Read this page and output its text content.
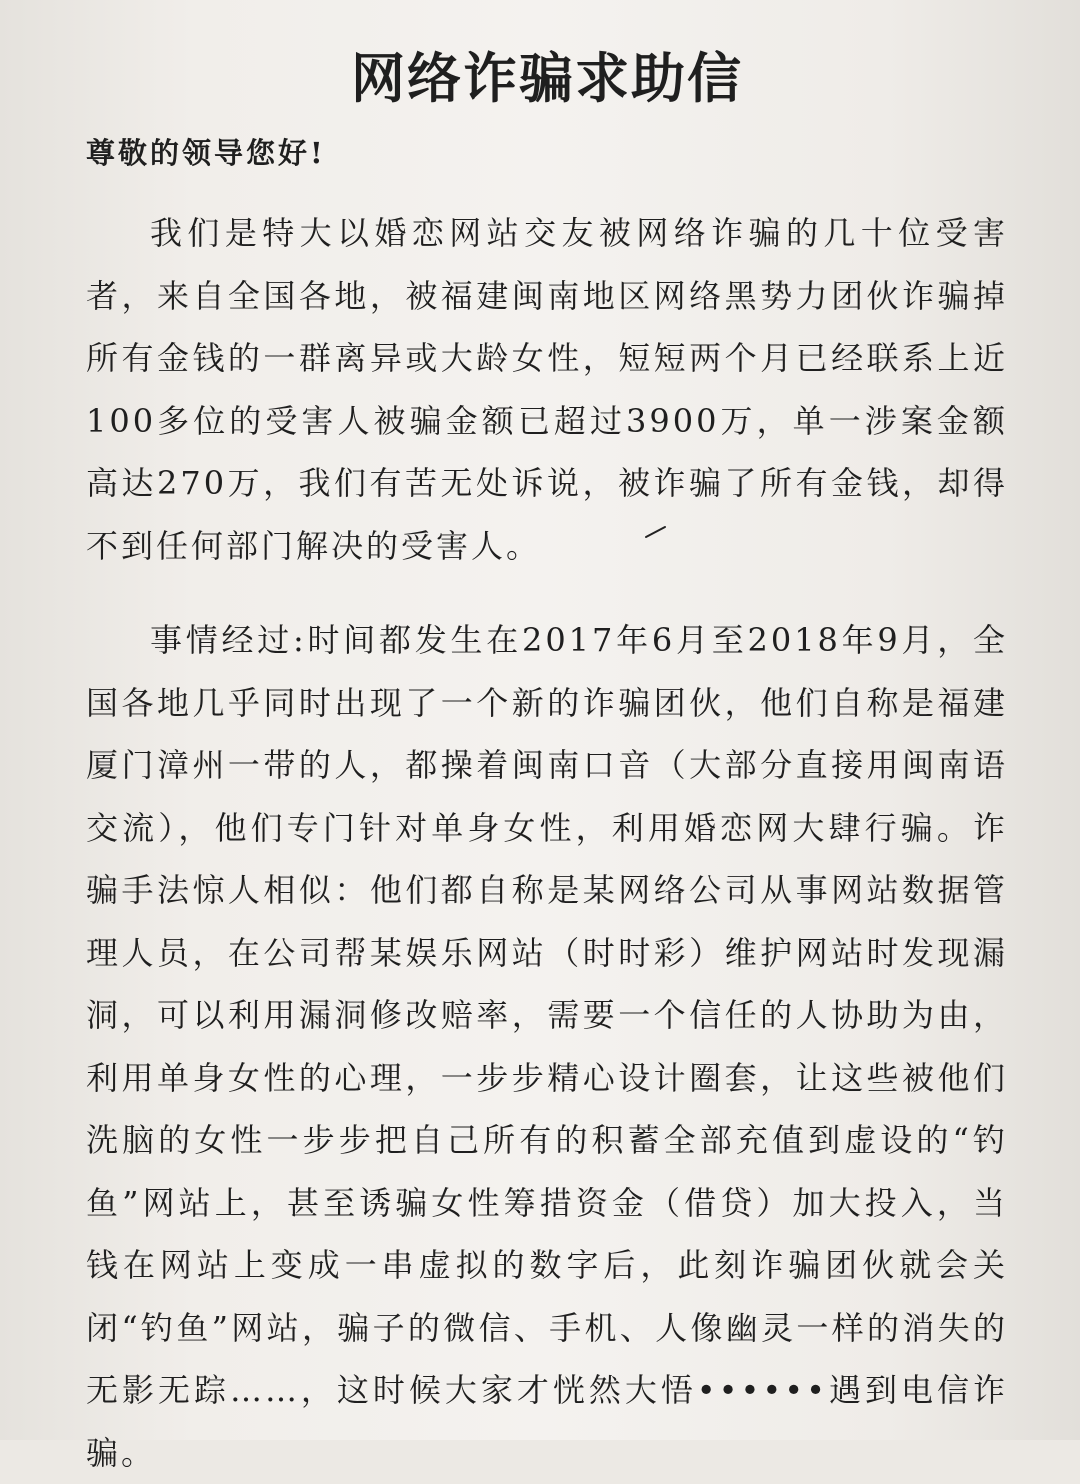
网络诈骗求助信
尊敬的领导您好!

我们是特大以婚恋网站交友被网络诈骗的几十位受害者，来自全国各地，被福建闽南地区网络黑势力团伙诈骗掉所有金钱的一群离异或大龄女性，短短两个月已经联系上近100多位的受害人被骗金额已超过3900万，单一涉案金额高达270万，我们有苦无处诉说，被诈骗了所有金钱，却得不到任何部门解决的受害人。

事情经过:时间都发生在2017年6月至2018年9月，全国各地几乎同时出现了一个新的诈骗团伙，他们自称是福建厦门漳州一带的人，都操着闽南口音（大部分直接用闽南语交流），他们专门针对单身女性，利用婚恋网大肆行骗。诈骗手法惊人相似：他们都自称是某网络公司从事网站数据管理人员，在公司帮某娱乐网站（时时彩）维护网站时发现漏洞，可以利用漏洞修改赔率，需要一个信任的人协助为由，利用单身女性的心理，一步步精心设计圈套，让这些被他们洗脑的女性一步步把自己所有的积蓄全部充值到虚设的“钓鱼”网站上，甚至诱骗女性筹措资金（借贷）加大投入，当钱在网站上变成一串虚拟的数字后，此刻诈骗团伙就会关闭“钓鱼”网站，骗子的微信、手机、人像幽灵一样的消失的无影无踪……，这时候大家才恍然大悟••••••遇到电信诈骗。
